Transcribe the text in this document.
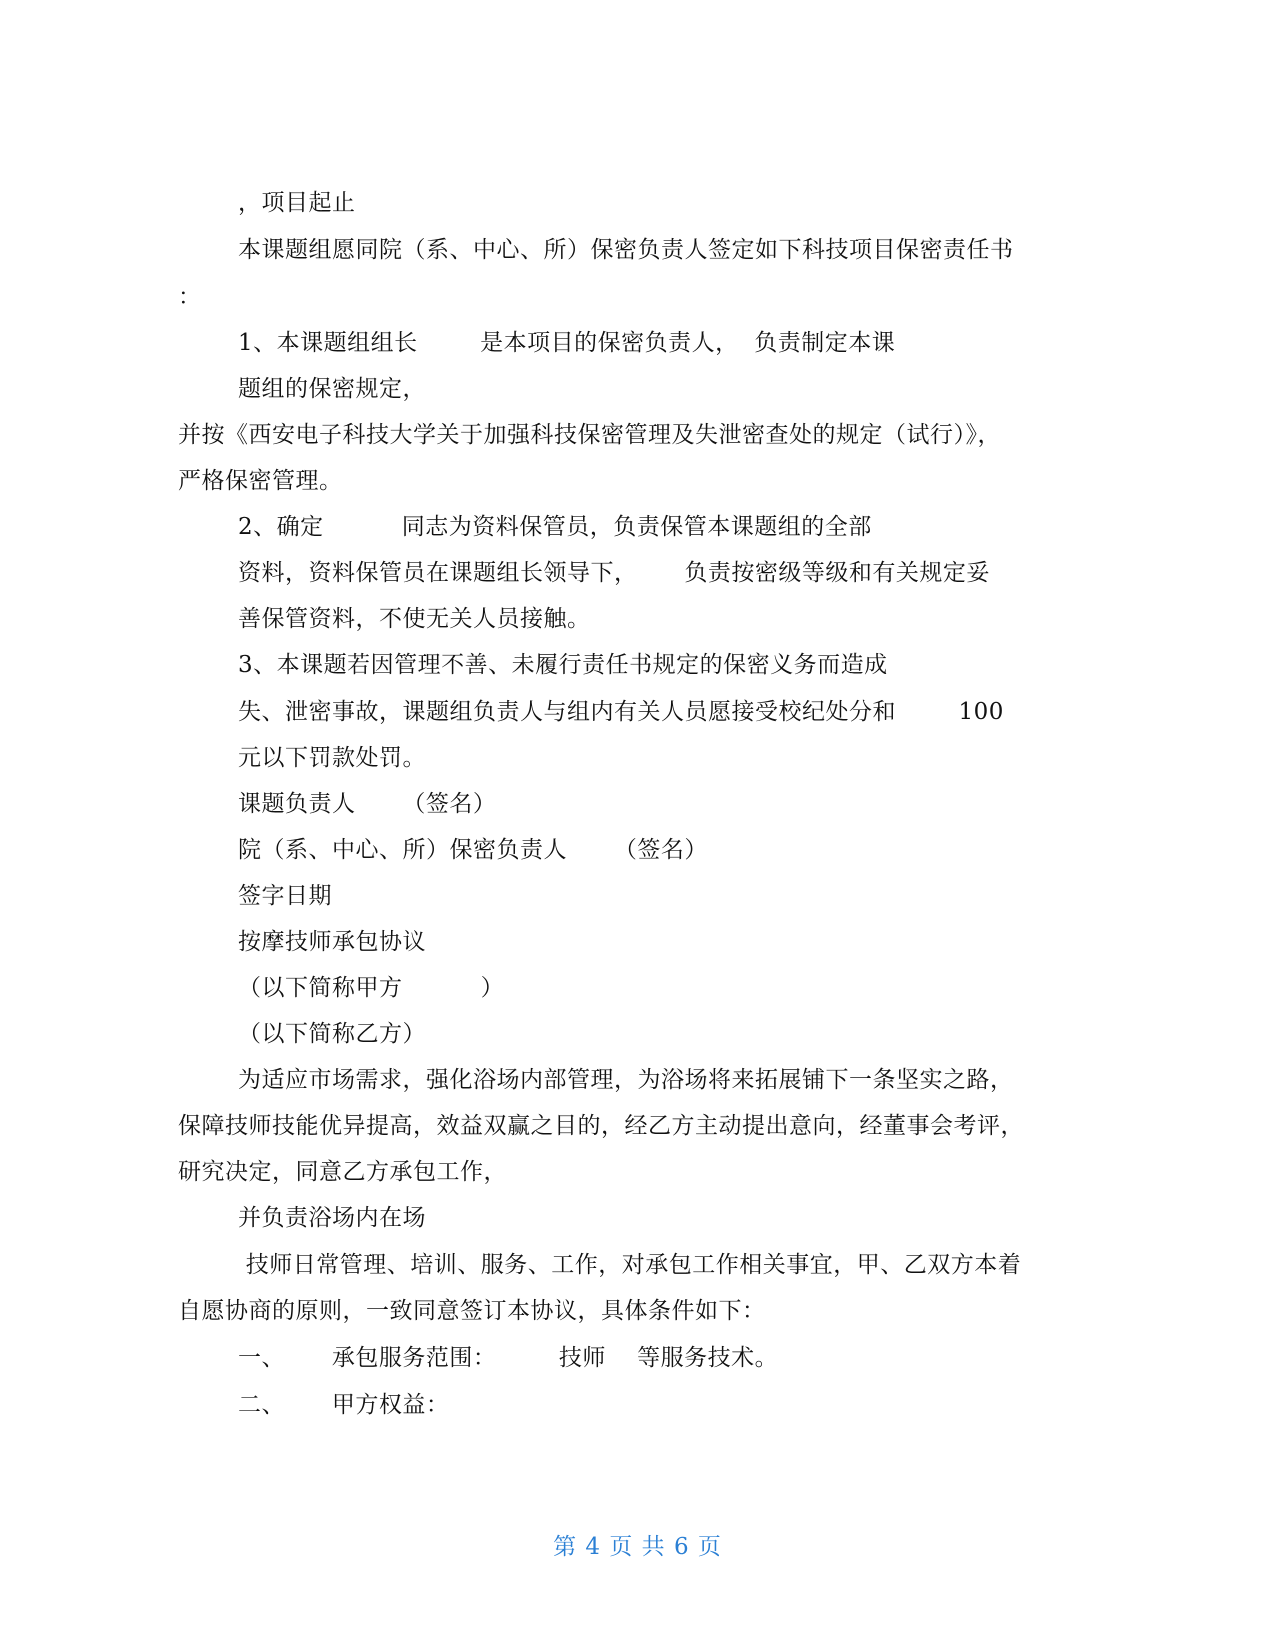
，项目起止
本课题组愿同院（系、中心、所）保密负责人签定如下科技项目保密责任书
：
1、本课题组组长        是本项目的保密负责人，  负责制定本课
题组的保密规定，
并按《西安电子科技大学关于加强科技保密管理及失泄密查处的规定（试行）》，
严格保密管理。
2、确定          同志为资料保管员，负责保管本课题组的全部
资料，资料保管员在课题组长领导下，      负责按密级等级和有关规定妥
善保管资料，不使无关人员接触。
3、本课题若因管理不善、未履行责任书规定的保密义务而造成
失、泄密事故，课题组负责人与组内有关人员愿接受校纪处分和        100
元以下罚款处罚。
课题负责人      （签名）
院（系、中心、所）保密负责人      （签名）
签字日期
按摩技师承包协议
（以下简称甲方          ）
（以下简称乙方）
为适应市场需求，强化浴场内部管理，为浴场将来拓展铺下一条坚实之路，
保障技师技能优异提高，效益双赢之目的，经乙方主动提出意向，经董事会考评，
研究决定，同意乙方承包工作，
并负责浴场内在场
技师日常管理、培训、服务、工作，对承包工作相关事宜，甲、乙双方本着
自愿协商的原则，一致同意签订本协议，具体条件如下：
一、      承包服务范围：        技师    等服务技术。
二、      甲方权益：
第 4 页 共 6 页
